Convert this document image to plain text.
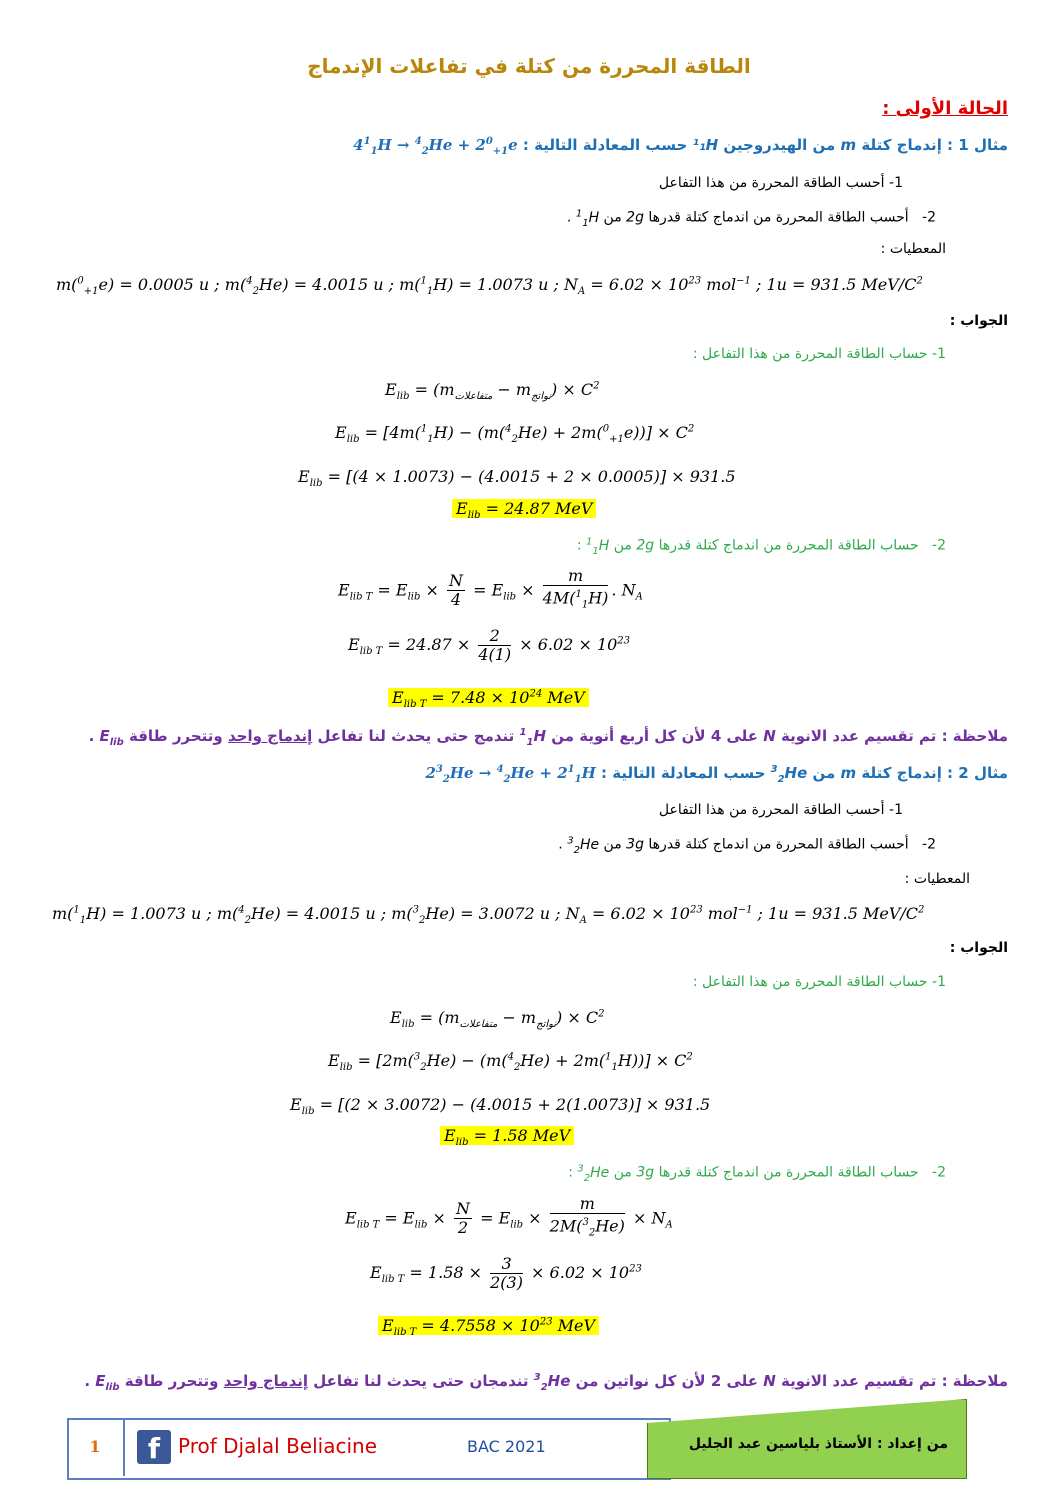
الطاقة المحررة من كتلة في تفاعلات الإندماج
الحالة الأولى :
مثال 1 : إندماج كتلة m من الهيدروجين ¹₁H حسب المعادلة التالية : $4^1_1H \to ^4_2He + 2^0_{+1}e$
1- أحسب الطاقة المحررة من هذا التفاعل
2-   أحسب الطاقة المحررة من اندماج كتلة قدرها 2g من $^1_1$H .
المعطيات :
m($^0_{+1}$e) = 0.0005 u ; m($^4_2$He) = 4.0015 u ; m($^1_1$H) = 1.0073 u ; $N_A = 6.02 \times 10^{23}$ mol$^{-1}$ ; 1u = 931.5 MeV/$C^2$
الجواب :
1- حساب الطاقة المحررة من هذا التفاعل :
$E_{lib} = (m_{متفاعلات} - m_{نواتج}) \times C^2$
$E_{lib} = [4m(^1_1H) - (m(^4_2He) + 2m(^0_{+1}e))] \times C^2$
$E_{lib} = [(4 \times 1.0073) - (4.0015 + 2 \times 0.0005)] \times 931.5$
$E_{lib} = 24.87$ MeV
2-   حساب الطاقة المحررة من اندماج كتلة قدرها 2g من $^1_1$H :
$E_{lib T} = E_{lib} \times \frac{N}{4} = E_{lib} \times \frac{m}{4M(^1_1H)}$ . $N_A$
$E_{lib T} = 24.87 \times \frac{2}{4(1)} \times 6.02 \times 10^{23}$
$E_{lib T} = 7.48 \times 10^{24}$ MeV
ملاحظة : تم تقسيم عدد الانوية N على 4 لأن كل أربع أنوية من $^1_1$H تندمج حتى يحدث لنا تفاعل إندماج واحد وتتحرر طاقة $E_{lib}$ .
مثال 2 : إندماج كتلة m من $^3_2$He حسب المعادلة التالية :   $2^3_2He \to ^4_2He + 2^1_1H$
1- أحسب الطاقة المحررة من هذا التفاعل
2-   أحسب الطاقة المحررة من اندماج كتلة قدرها 3g من $^3_2$He .
المعطيات :
m($^1_1$H) = 1.0073 u ; m($^4_2$He) = 4.0015 u ; m($^3_2$He) = 3.0072 u ; $N_A = 6.02 \times 10^{23}$ mol$^{-1}$ ; 1u = 931.5 MeV/$C^2$
الجواب :
1- حساب الطاقة المحررة من هذا التفاعل :
$E_{lib} = (m_{متفاعلات} - m_{نواتج}) \times C^2$
$E_{lib} = [2m(^3_2He) - (m(^4_2He) + 2m(^1_1H))] \times C^2$
$E_{lib} = [(2 \times 3.0072) - (4.0015 + 2(1.0073)] \times 931.5$
$E_{lib} = 1.58$ MeV
2-   حساب الطاقة المحررة من اندماج كتلة قدرها 3g من $^3_2$He :
$E_{lib T} = E_{lib} \times \frac{N}{2} = E_{lib} \times \frac{m}{2M(^3_2He)} \times N_A$
$E_{lib T} = 1.58 \times \frac{3}{2(3)} \times 6.02 \times 10^{23}$
$E_{lib T} = 4.7558 \times 10^{23}$ MeV
ملاحظة : تم تقسيم عدد الانوية N على 2 لأن كل نواتين من $^3_2$He تندمجان حتى يحدث لنا تفاعل إندماج واحد وتتحرر طاقة $E_{lib}$ .
1	f Prof Djalal Beliacine	BAC 2021	من إعداد : الأستاذ بلياسين عبد الجليل
